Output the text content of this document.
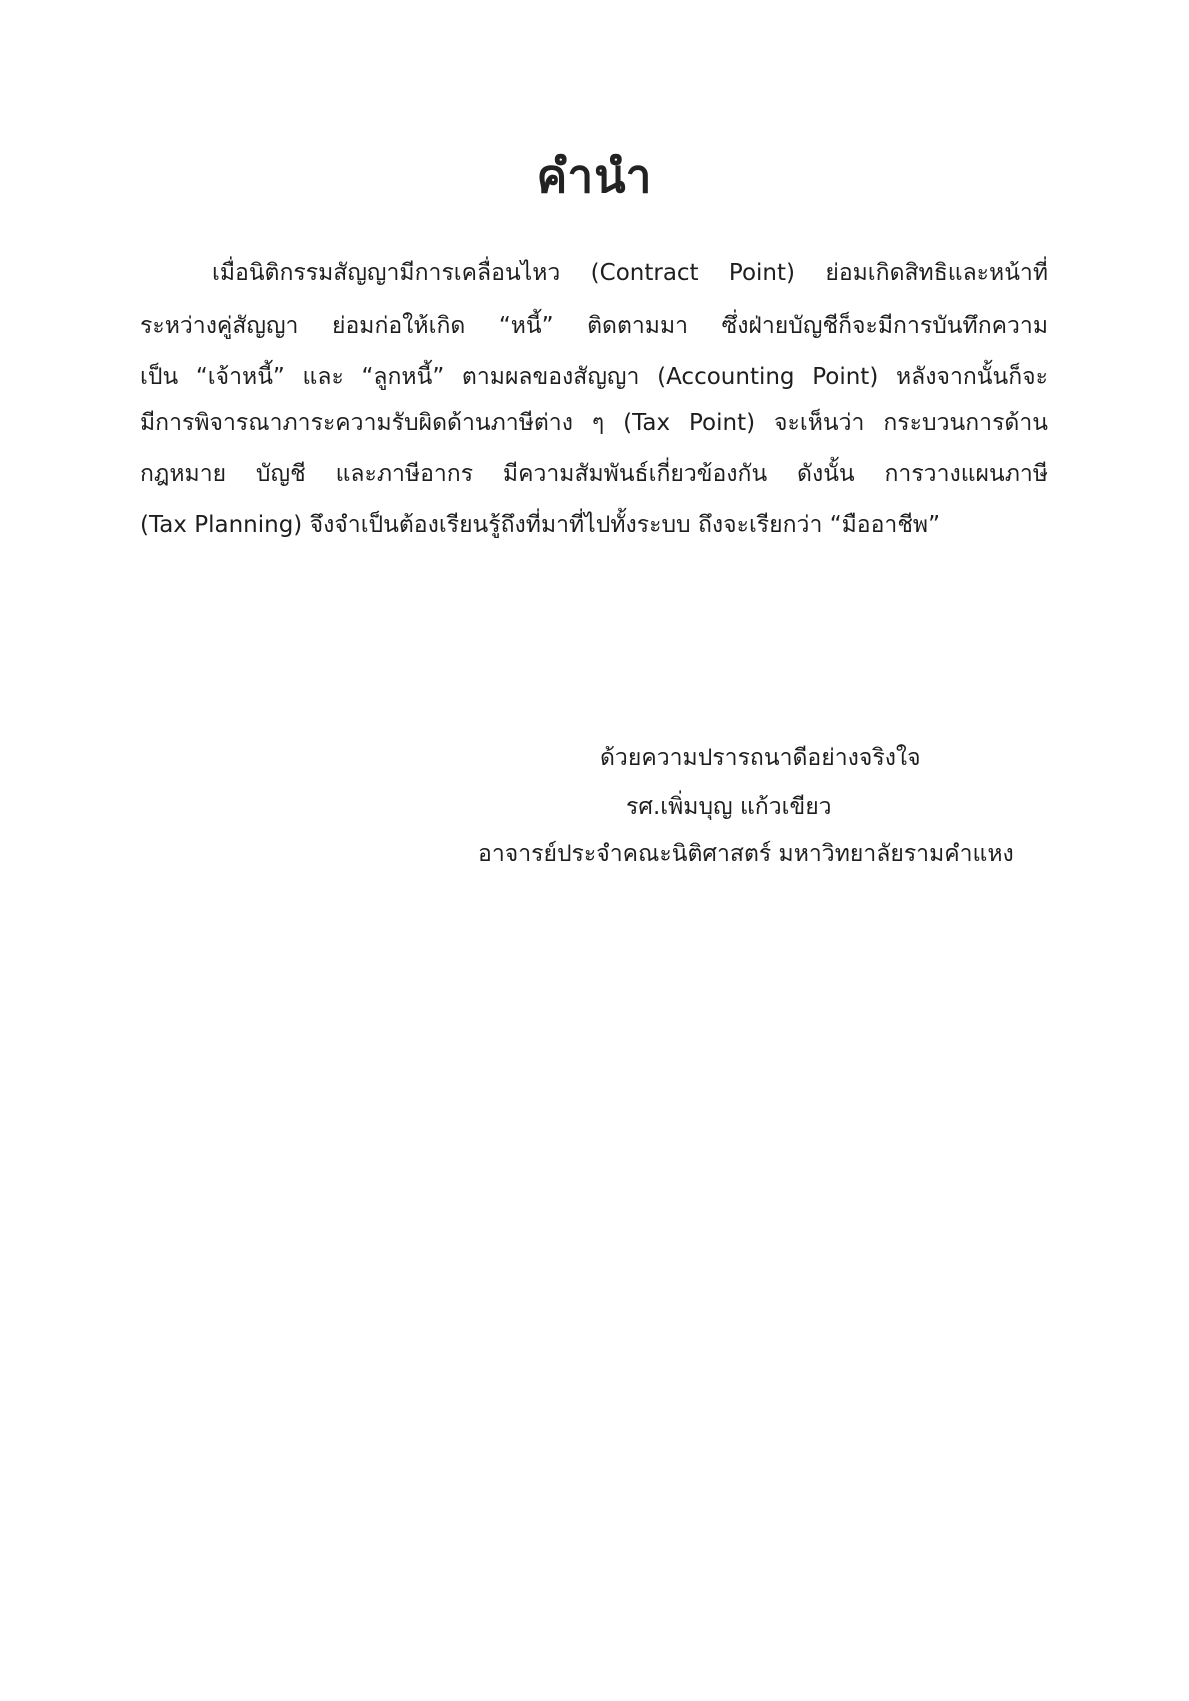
คำนำ
เมื่อนิติกรรมสัญญามีการเคลื่อนไหว (Contract Point) ย่อมเกิดสิทธิและหน้าที่
ระหว่างคู่สัญญา ย่อมก่อให้เกิด “หนี้” ติดตามมา ซึ่งฝ่ายบัญชีก็จะมีการบันทึกความ
เป็น “เจ้าหนี้” และ “ลูกหนี้” ตามผลของสัญญา (Accounting Point) หลังจากนั้นก็จะ
มีการพิจารณาภาระความรับผิดด้านภาษีต่าง ๆ (Tax Point) จะเห็นว่า กระบวนการด้าน
กฎหมาย บัญชี และภาษีอากร มีความสัมพันธ์เกี่ยวข้องกัน ดังนั้น การวางแผนภาษี
(Tax Planning) จึงจำเป็นต้องเรียนรู้ถึงที่มาที่ไปทั้งระบบ ถึงจะเรียกว่า “มืออาชีพ”
ด้วยความปรารถนาดีอย่างจริงใจ
รศ.เพิ่มบุญ แก้วเขียว
อาจารย์ประจำคณะนิติศาสตร์ มหาวิทยาลัยรามคำแหง
